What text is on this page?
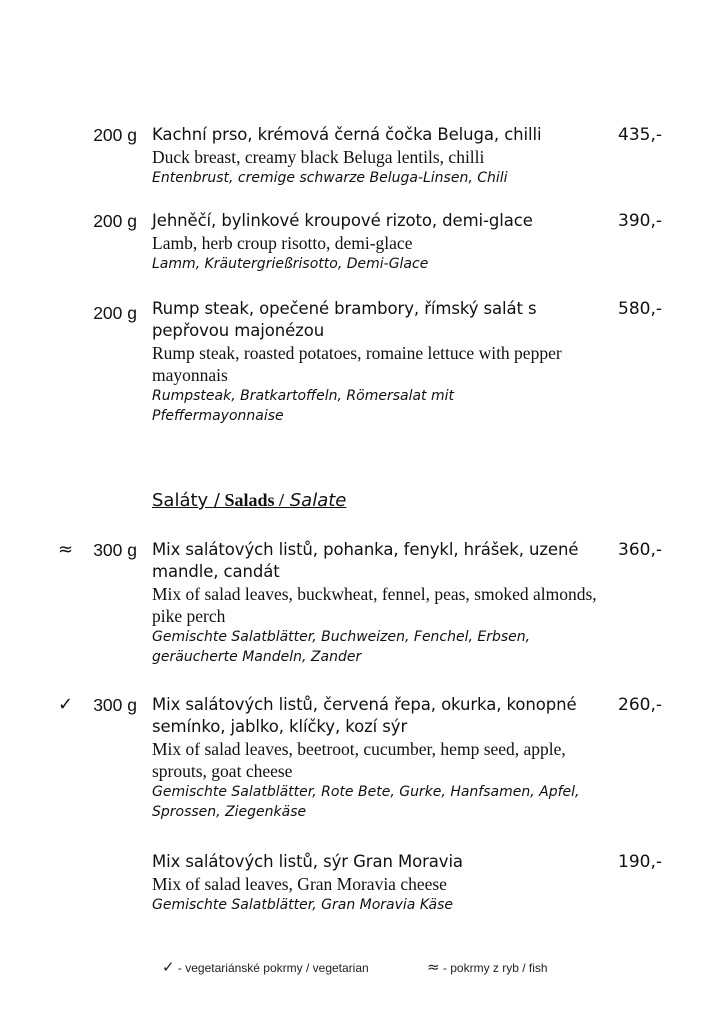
200 g Kachní prso, krémová černá čočka Beluga, chilli
Duck breast, creamy black Beluga lentils, chilli
Entenbrust, cremige schwarze Beluga-Linsen, Chili
435,-
200 g Jehněčí, bylinkové kroupové rizoto, demi-glace
Lamb, herb croup risotto, demi-glace
Lamm, Kräutergrießrisotto, Demi-Glace
390,-
200 g Rump steak, opečené brambory, římský salát s pepřovou majonézou
Rump steak, roasted potatoes, romaine lettuce with pepper mayonnais
Rumpsteak, Bratkartoffeln, Römersalat mit Pfeffermayonnaise
580,-
Saláty / Salads / Salate
≈	300 g Mix salátových listů, pohanka, fenykl, hrášek, uzené mandle, candát
Mix of salad leaves, buckwheat, fennel, peas, smoked almonds, pike perch
Gemischte Salatblätter, Buchweizen, Fenchel, Erbsen, geräucherte Mandeln, Zander
360,-
✓	300 g Mix salátových listů, červená řepa, okurka, konopné semínko, jablko, klíčky, kozí sýr
Mix of salad leaves, beetroot, cucumber, hemp seed, apple, sprouts, goat cheese
Gemischte Salatblätter, Rote Bete, Gurke, Hanfsamen, Apfel, Sprossen, Ziegenkäse
260,-
Mix salátových listů, sýr Gran Moravia
Mix of salad leaves, Gran Moravia cheese
Gemischte Salatblätter, Gran Moravia Käse
190,-
✓ - vegetariánské pokrmy / vegetarian	≈ - pokrmy z ryb / fish
